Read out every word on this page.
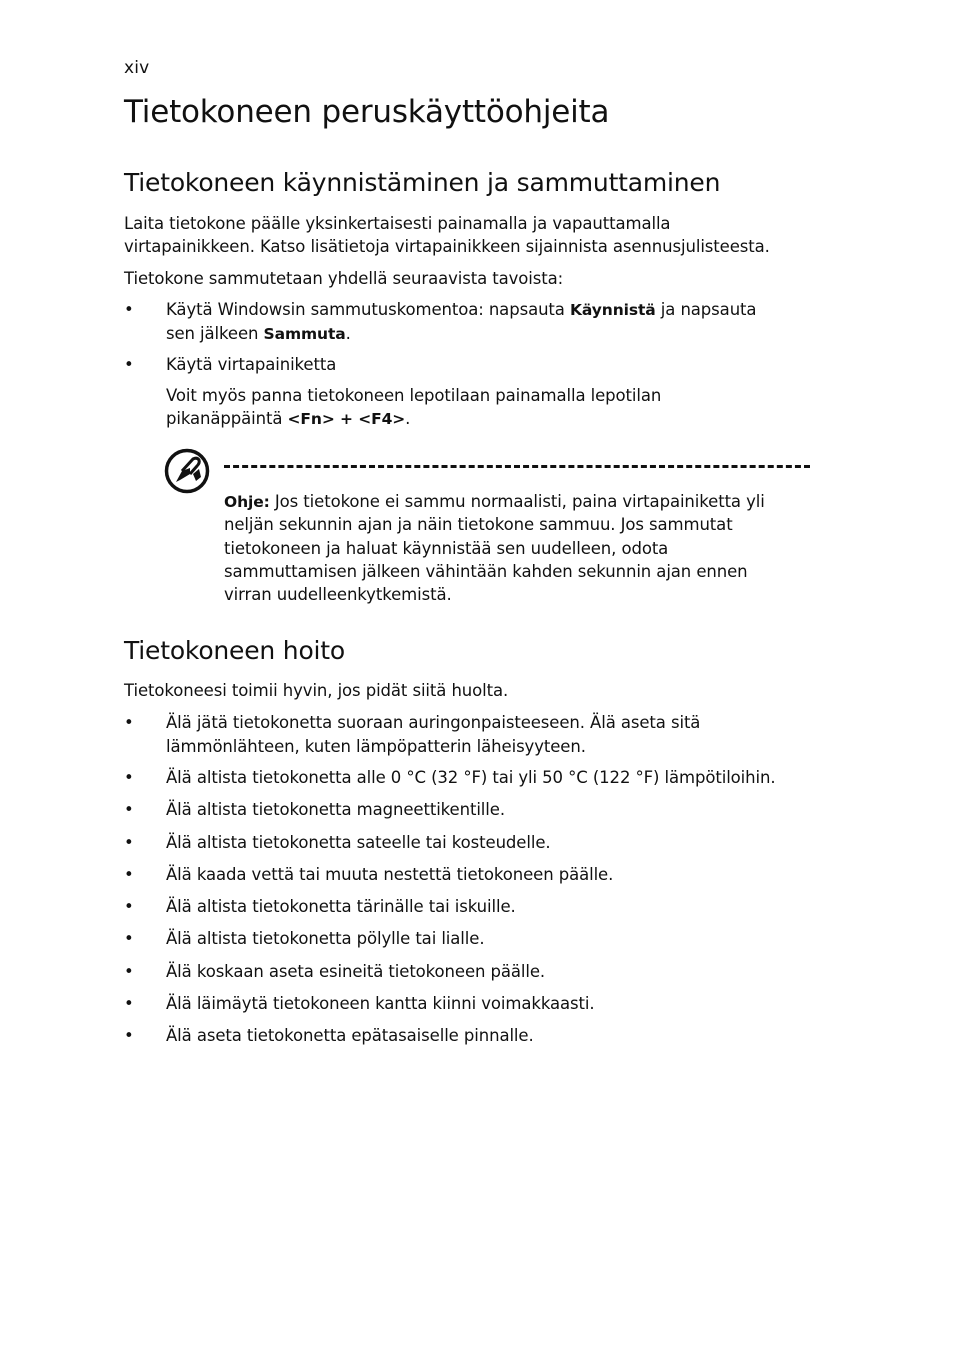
xiv
Tietokoneen peruskäyttöohjeita
Tietokoneen käynnistäminen ja sammuttaminen

Laita tietokone päälle yksinkertaisesti painamalla ja vapauttamalla

virtapainikkeen. Katso lisätietoja virtapainikkeen sijainnista asennusjulisteesta.

Tietokone sammutetaan yhdellä seuraavista tavoista:

• Käytä Windowsin sammutuskomentoa: napsauta Käynnistä ja napsauta
sen jälkeen Sammuta.
• Käytä virtapainiketta
Voit myös panna tietokoneen lepotilaan painamalla lepotilan
pikanäppäintä <Fn> + <F4>.
Ohje: Jos tietokone ei sammu normaalisti, paina virtapainiketta yli
neljän sekunnin ajan ja näin tietokone sammuu. Jos sammutat
tietokoneen ja haluat käynnistää sen uudelleen, odota
sammuttamisen jälkeen vähintään kahden sekunnin ajan ennen
virran uudelleenkytkemistä.
Tietokoneen hoito

Tietokoneesi toimii hyvin, jos pidät siitä huolta.

• Älä jätä tietokonetta suoraan auringonpaisteeseen. Älä aseta sitä
lämmönlähteen, kuten lämpöpatterin läheisyyteen.
• Älä altista tietokonetta alle 0 °C (32 °F) tai yli 50 °C (122 °F) lämpötiloihin.
• Älä altista tietokonetta magneettikentille.
• Älä altista tietokonetta sateelle tai kosteudelle.
• Älä kaada vettä tai muuta nestettä tietokoneen päälle.
• Älä altista tietokonetta tärinälle tai iskuille.
• Älä altista tietokonetta pölylle tai lialle.
• Älä koskaan aseta esineitä tietokoneen päälle.
• Älä läimäytä tietokoneen kantta kiinni voimakkaasti.
• Älä aseta tietokonetta epätasaiselle pinnalle.
